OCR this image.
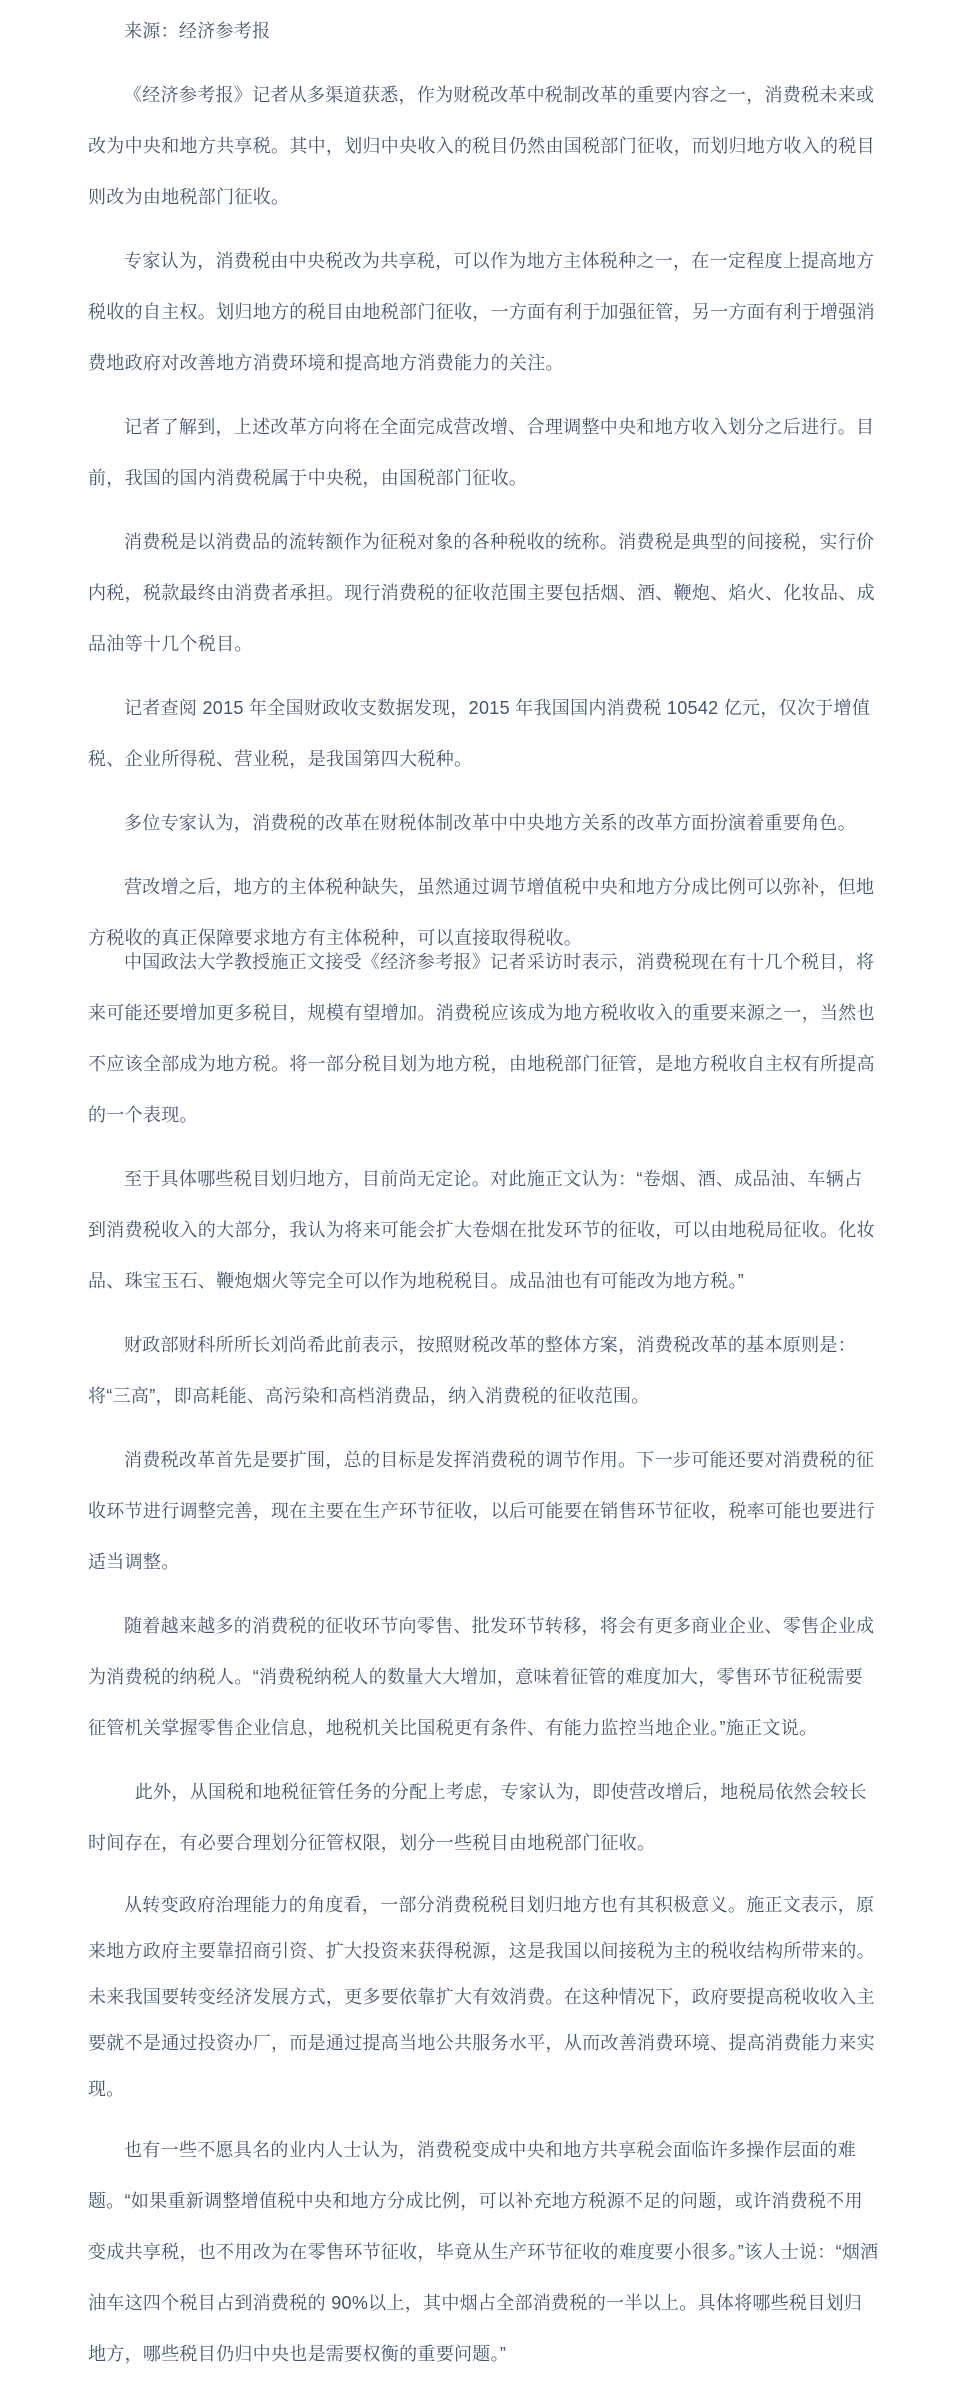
来源：经济参考报

《经济参考报》记者从多渠道获悉，作为财税改革中税制改革的重要内容之一，消费税未来或改为中央和地方共享税。其中，划归中央收入的税目仍然由国税部门征收，而划归地方收入的税目则改为由地税部门征收。

专家认为，消费税由中央税改为共享税，可以作为地方主体税种之一，在一定程度上提高地方税收的自主权。划归地方的税目由地税部门征收，一方面有利于加强征管，另一方面有利于增强消费地政府对改善地方消费环境和提高地方消费能力的关注。

记者了解到，上述改革方向将在全面完成营改增、合理调整中央和地方收入划分之后进行。目前，我国的国内消费税属于中央税，由国税部门征收。

消费税是以消费品的流转额作为征税对象的各种税收的统称。消费税是典型的间接税，实行价内税，税款最终由消费者承担。现行消费税的征收范围主要包括烟、酒、鞭炮、焰火、化妆品、成品油等十几个税目。

记者查阅 2015 年全国财政收支数据发现，2015 年我国国内消费税 10542 亿元，仅次于增值税、企业所得税、营业税，是我国第四大税种。

多位专家认为，消费税的改革在财税体制改革中中央地方关系的改革方面扮演着重要角色。

营改增之后，地方的主体税种缺失，虽然通过调节增值税中央和地方分成比例可以弥补，但地方税收的真正保障要求地方有主体税种，可以直接取得税收。

中国政法大学教授施正文接受《经济参考报》记者采访时表示，消费税现在有十几个税目，将来可能还要增加更多税目，规模有望增加。消费税应该成为地方税收收入的重要来源之一，当然也不应该全部成为地方税。将一部分税目划为地方税，由地税部门征管，是地方税收自主权有所提高的一个表现。

至于具体哪些税目划归地方，目前尚无定论。对此施正文认为：“卷烟、酒、成品油、车辆占到消费税收入的大部分，我认为将来可能会扩大卷烟在批发环节的征收，可以由地税局征收。化妆品、珠宝玉石、鞭炮烟火等完全可以作为地税税目。成品油也有可能改为地方税。”

财政部财科所所长刘尚希此前表示，按照财税改革的整体方案，消费税改革的基本原则是：将“三高”，即高耗能、高污染和高档消费品，纳入消费税的征收范围。

消费税改革首先是要扩围，总的目标是发挥消费税的调节作用。下一步可能还要对消费税的征收环节进行调整完善，现在主要在生产环节征收，以后可能要在销售环节征收，税率可能也要进行适当调整。

随着越来越多的消费税的征收环节向零售、批发环节转移，将会有更多商业企业、零售企业成为消费税的纳税人。“消费税纳税人的数量大大增加，意味着征管的难度加大，零售环节征税需要征管机关掌握零售企业信息，地税机关比国税更有条件、有能力监控当地企业。”施正文说。

此外，从国税和地税征管任务的分配上考虑，专家认为，即使营改增后，地税局依然会较长时间存在，有必要合理划分征管权限，划分一些税目由地税部门征收。

从转变政府治理能力的角度看，一部分消费税税目划归地方也有其积极意义。施正文表示，原来地方政府主要靠招商引资、扩大投资来获得税源，这是我国以间接税为主的税收结构所带来的。未来我国要转变经济发展方式，更多要依靠扩大有效消费。在这种情况下，政府要提高税收收入主要就不是通过投资办厂，而是通过提高当地公共服务水平，从而改善消费环境、提高消费能力来实现。

也有一些不愿具名的业内人士认为，消费税变成中央和地方共享税会面临许多操作层面的难题。“如果重新调整增值税中央和地方分成比例，可以补充地方税源不足的问题，或许消费税不用变成共享税，也不用改为在零售环节征收，毕竟从生产环节征收的难度要小很多。”该人士说：“烟酒油车这四个税目占到消费税的 90%以上，其中烟占全部消费税的一半以上。具体将哪些税目划归地方，哪些税目仍归中央也是需要权衡的重要问题。”
